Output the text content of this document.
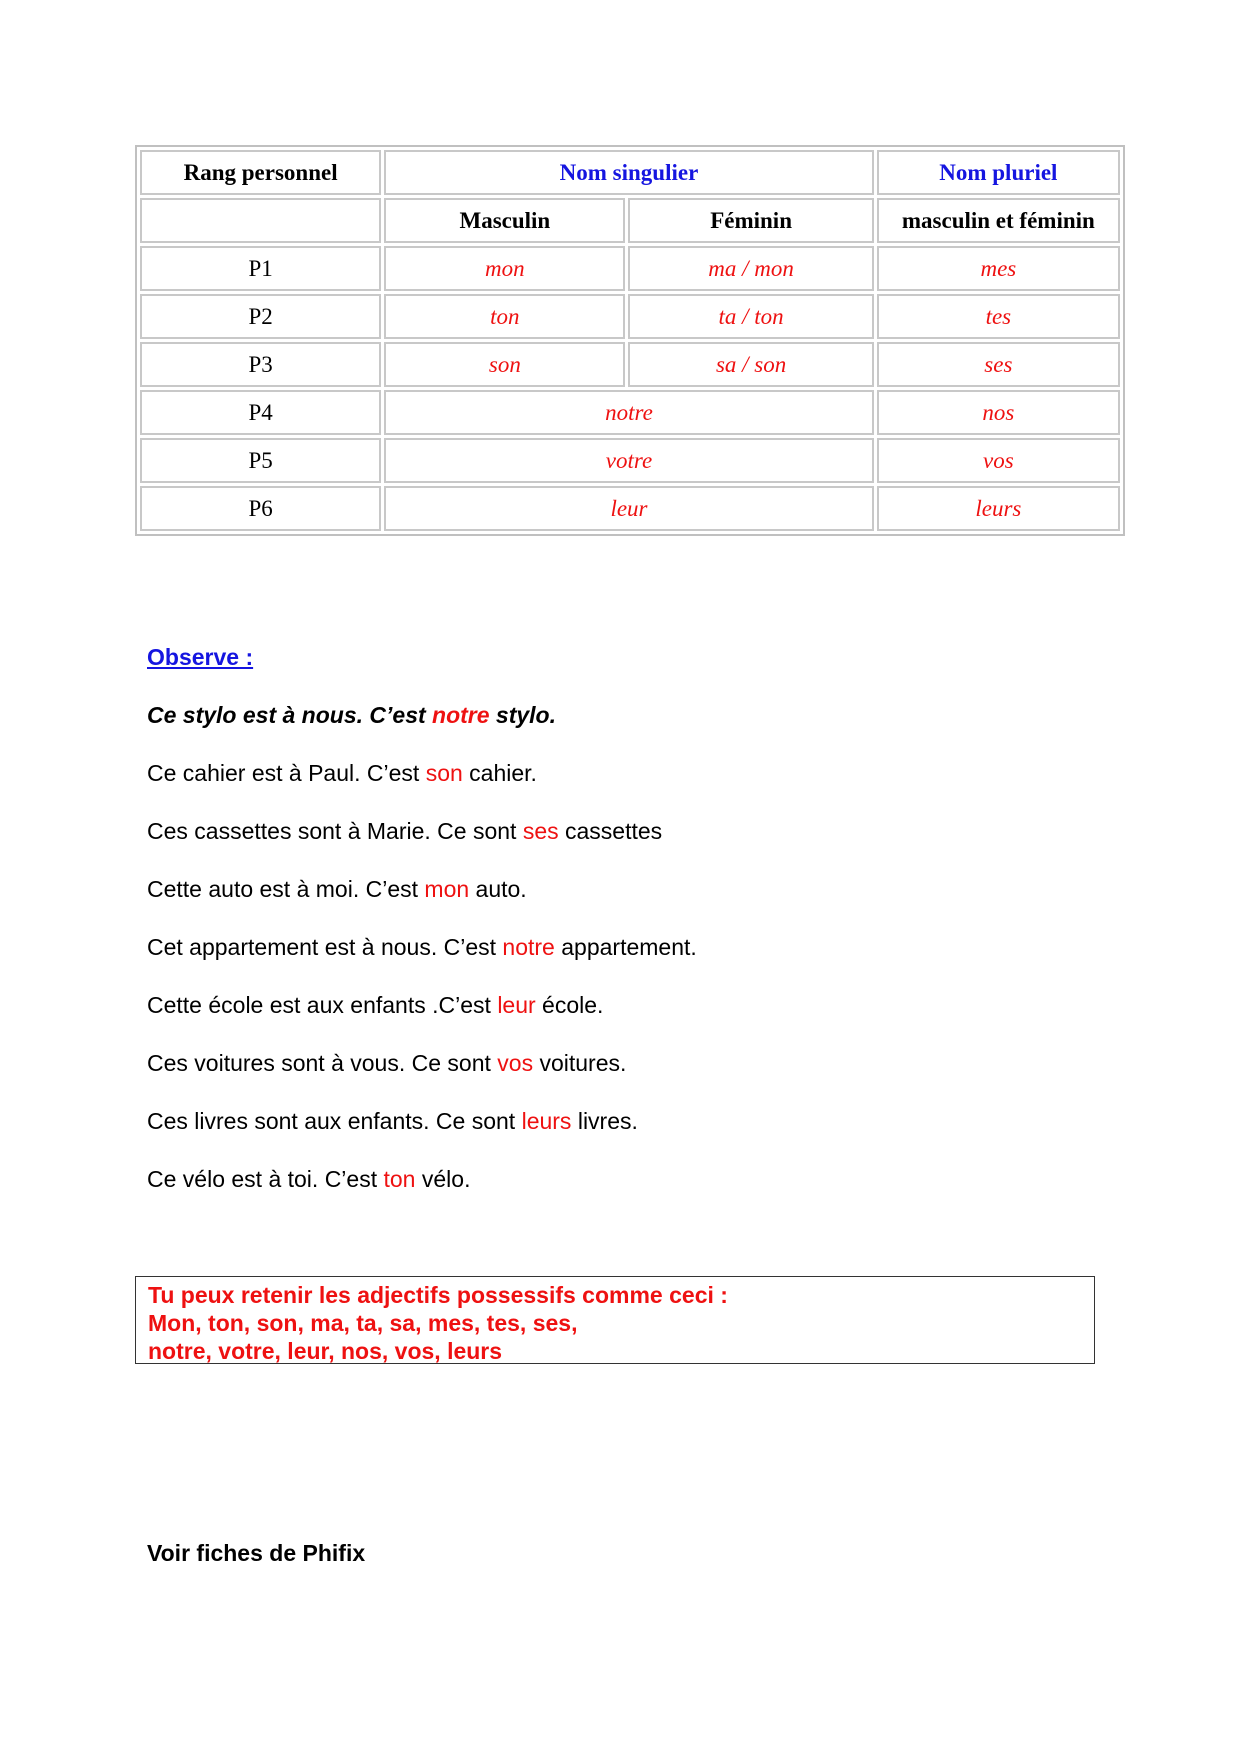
Rang personnel	Nom singulier		Nom pluriel
	Masculin	Féminin	masculin et féminin
P1	mon	ma / mon	mes
P2	ton	ta / ton	tes
P3	son	sa / son	ses
P4	notre		nos
P5	votre		vos
P6	leur		leurs
Observe :
Ce stylo est à nous. C’est notre stylo.
Ce cahier est à Paul. C’est son cahier.
Ces cassettes sont à Marie. Ce sont ses cassettes
Cette auto est à moi. C’est mon auto.
Cet appartement est à nous. C’est notre appartement.
Cette école est aux enfants .C’est leur école.
Ces voitures sont à vous. Ce sont vos voitures.
Ces livres sont aux enfants. Ce sont leurs livres.
Ce vélo est à toi. C’est ton vélo.
Tu peux retenir les adjectifs possessifs comme ceci :
Mon, ton, son, ma, ta, sa, mes, tes, ses,
notre, votre, leur, nos, vos, leurs
Voir fiches de Phifix
